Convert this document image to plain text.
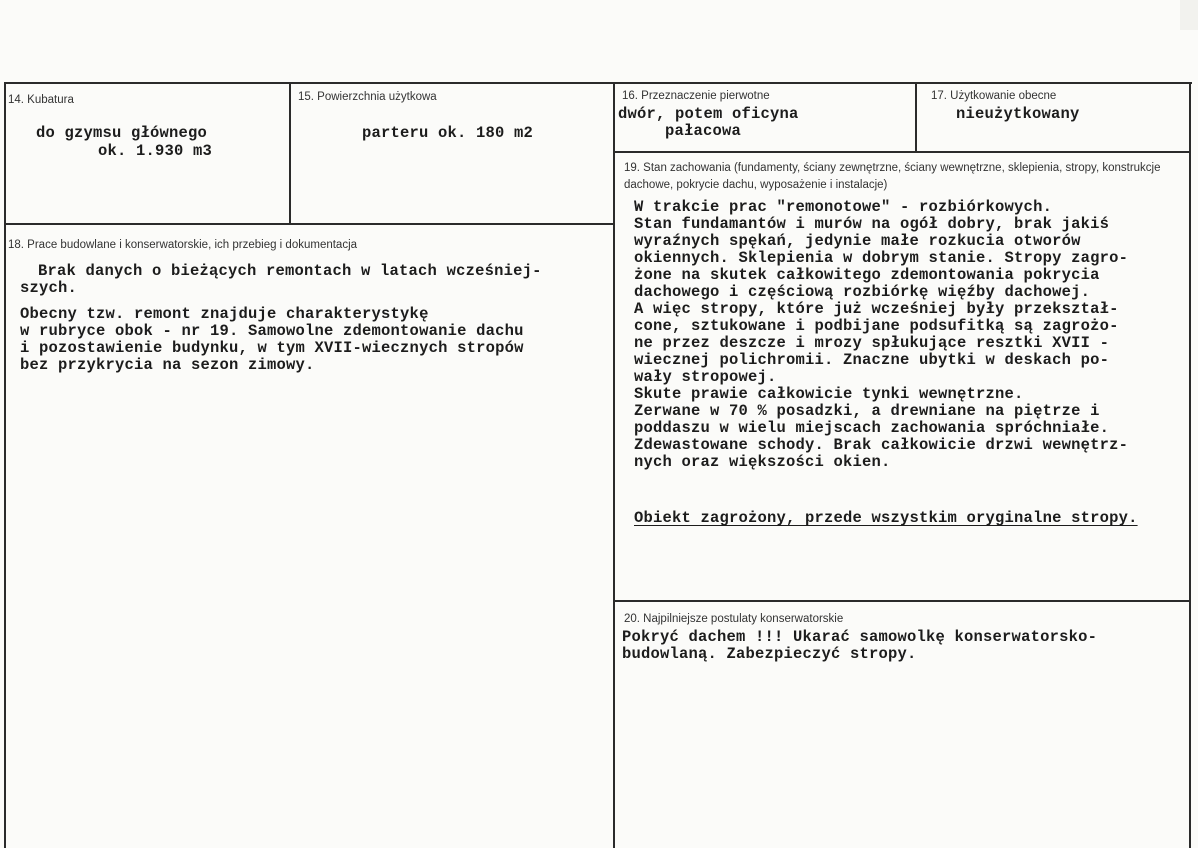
14. Kubatura
do gzymsu głównego
ok. 1.930 m3
15. Powierzchnia użytkowa
parteru ok. 180 m2
16. Przeznaczenie pierwotne
dwór, potem oficyna
pałacowa
17. Użytkowanie obecne
nieużytkowany
18. Prace budowlane i konserwatorskie, ich przebieg i dokumentacja
Brak danych o bieżących remontach w latach wcześniej-
szych.
Obecny tzw. remont znajduje charakterystykę
w rubryce obok - nr 19. Samowolne zdemontowanie dachu
i pozostawienie budynku, w tym XVII-wiecznych stropów
bez przykrycia na sezon zimowy.
19. Stan zachowania (fundamenty, ściany zewnętrzne, ściany wewnętrzne, sklepienia, stropy, konstrukcje dachowe, pokrycie dachu, wyposażenie i instalacje)
W trakcie prac "remonotowe" - rozbiórkowych.
Stan fundamantów i murów na ogół dobry, brak jakiś
wyraźnych spękań, jedynie małe rozkucia otworów
okiennych. Sklepienia w dobrym stanie. Stropy zagro-
żone na skutek całkowitego zdemontowania pokrycia
dachowego i częściową rozbiórkę więźby dachowej.
A więc stropy, które już wcześniej były przekształ-
cone, sztukowane i podbijane podsufitką są zagrożo-
ne przez deszcze i mrozy spłukujące resztki XVII -
wiecznej polichromii. Znaczne ubytki w deskach po-
wały stropowej.
Skute prawie całkowicie tynki wewnętrzne.
Zerwane w 70 % posadzki, a drewniane na piętrze i
poddaszu w wielu miejscach zachowania spróchniałe.
Zdewastowane schody. Brak całkowicie drzwi wewnętrz-
nych oraz większości okien.
Obiekt zagrożony, przede wszystkim oryginalne stropy.
20. Najpilniejsze postulaty konserwatorskie
Pokryć dachem !!! Ukarać samowolkę konserwatorsko-
budowlaną. Zabezpieczyć stropy.
